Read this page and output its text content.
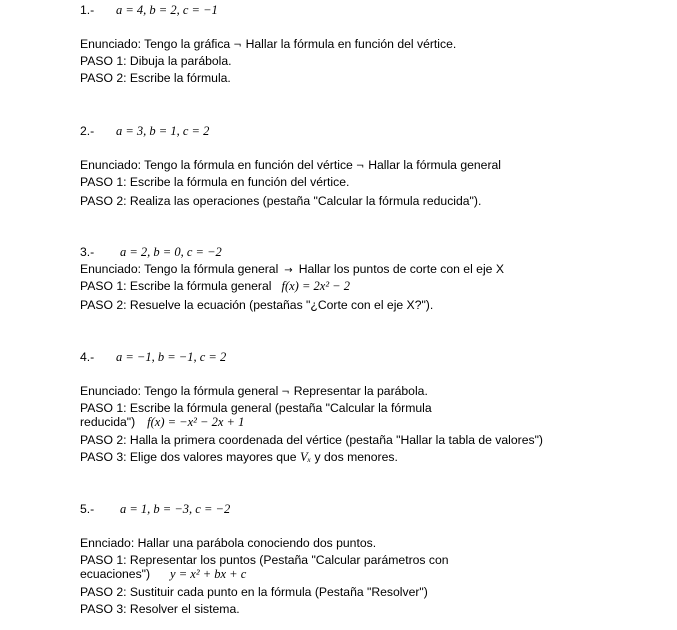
1.- a = 4, b = 2, c = −1
Enunciado: Tengo la gráfica ¬ Hallar la fórmula en función del vértice.
PASO 1: Dibuja la parábola.
PASO 2: Escribe la fórmula.
2.- a = 3, b = 1, c = 2
Enunciado: Tengo la fórmula en función del vértice ¬ Hallar la fórmula general
PASO 1: Escribe la fórmula en función del vértice.
PASO 2: Realiza las operaciones (pestaña "Calcular la fórmula reducida").
3.- a = 2, b = 0, c = −2
Enunciado: Tengo la fórmula general → Hallar los puntos de corte con el eje X
PASO 1: Escribe la fórmula general f(x) = 2x² − 2
PASO 2: Resuelve la ecuación (pestañas "¿Corte con el eje X?").
4.- a = −1, b = −1, c = 2
Enunciado: Tengo la fórmula general ¬ Representar la parábola.
PASO 1: Escribe la fórmula general (pestaña "Calcular la fórmula
reducida") f(x) = −x² − 2x + 1
PASO 2: Halla la primera coordenada del vértice (pestaña "Hallar la tabla de valores")
PASO 3: Elige dos valores mayores que Vₓ y dos menores.
5.- a = 1, b = −3, c = −2
Ennciado: Hallar una parábola conociendo dos puntos.
PASO 1: Representar los puntos (Pestaña "Calcular parámetros con
ecuaciones") y = x² + bx + c
PASO 2: Sustituir cada punto en la fórmula (Pestaña "Resolver")
PASO 3: Resolver el sistema.
